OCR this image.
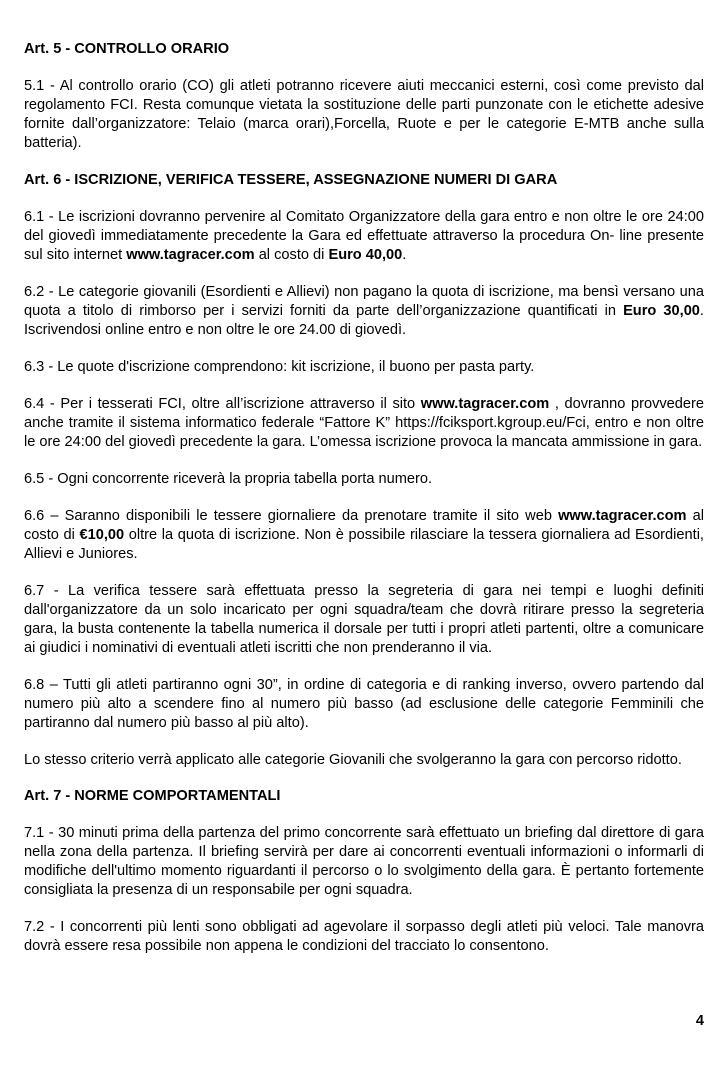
Art. 5 - CONTROLLO ORARIO

5.1 - Al controllo orario (CO) gli atleti potranno ricevere aiuti meccanici esterni, così come previsto dal regolamento FCI. Resta comunque vietata la sostituzione delle parti punzonate con le etichette adesive fornite dall’organizzatore: Telaio (marca orari),Forcella, Ruote e per le categorie E-MTB anche sulla batteria).

Art. 6 - ISCRIZIONE, VERIFICA TESSERE, ASSEGNAZIONE NUMERI DI GARA

6.1 - Le iscrizioni dovranno pervenire al Comitato Organizzatore della gara entro e non oltre le ore 24:00 del giovedì immediatamente precedente la Gara ed effettuate attraverso la procedura On- line presente sul sito internet www.tagracer.com al costo di Euro 40,00.

6.2 - Le categorie giovanili (Esordienti e Allievi) non pagano la quota di iscrizione, ma bensì versano una quota a titolo di rimborso per i servizi forniti da parte dell’organizzazione quantificati in Euro 30,00. Iscrivendosi online entro e non oltre le ore 24.00 di giovedì.

6.3 - Le quote d'iscrizione comprendono: kit iscrizione, il buono per pasta party.

6.4 - Per i tesserati FCI, oltre all’iscrizione attraverso il sito www.tagracer.com , dovranno provvedere anche tramite il sistema informatico federale “Fattore K” https://fciksport.kgroup.eu/Fci, entro e non oltre le ore 24:00 del giovedì precedente la gara. L’omessa iscrizione provoca la mancata ammissione in gara.

6.5 - Ogni concorrente riceverà la propria tabella porta numero.

6.6 – Saranno disponibili le tessere giornaliere da prenotare tramite il sito web www.tagracer.com al costo di €10,00 oltre la quota di iscrizione. Non è possibile rilasciare la tessera giornaliera ad Esordienti, Allievi e Juniores.

6.7 - La verifica tessere sarà effettuata presso la segreteria di gara nei tempi e luoghi definiti dall'organizzatore da un solo incaricato per ogni squadra/team che dovrà ritirare presso la segreteria gara, la busta contenente la tabella numerica il dorsale per tutti i propri atleti partenti, oltre a comunicare ai giudici i nominativi di eventuali atleti iscritti che non prenderanno il via.

6.8 – Tutti gli atleti partiranno ogni 30”, in ordine di categoria e di ranking inverso, ovvero partendo dal numero più alto a scendere fino al numero più basso (ad esclusione delle categorie Femminili che partiranno dal numero più basso al più alto).

Lo stesso criterio verrà applicato alle categorie Giovanili che svolgeranno la gara con percorso ridotto.

Art. 7 - NORME COMPORTAMENTALI

7.1 - 30 minuti prima della partenza del primo concorrente sarà effettuato un briefing dal direttore di gara nella zona della partenza. Il briefing servirà per dare ai concorrenti eventuali informazioni o informarli di modifiche dell'ultimo momento riguardanti il percorso o lo svolgimento della gara. È pertanto fortemente consigliata la presenza di un responsabile per ogni squadra.

7.2 - I concorrenti più lenti sono obbligati ad agevolare il sorpasso degli atleti più veloci. Tale manovra dovrà essere resa possibile non appena le condizioni del tracciato lo consentono.

4
